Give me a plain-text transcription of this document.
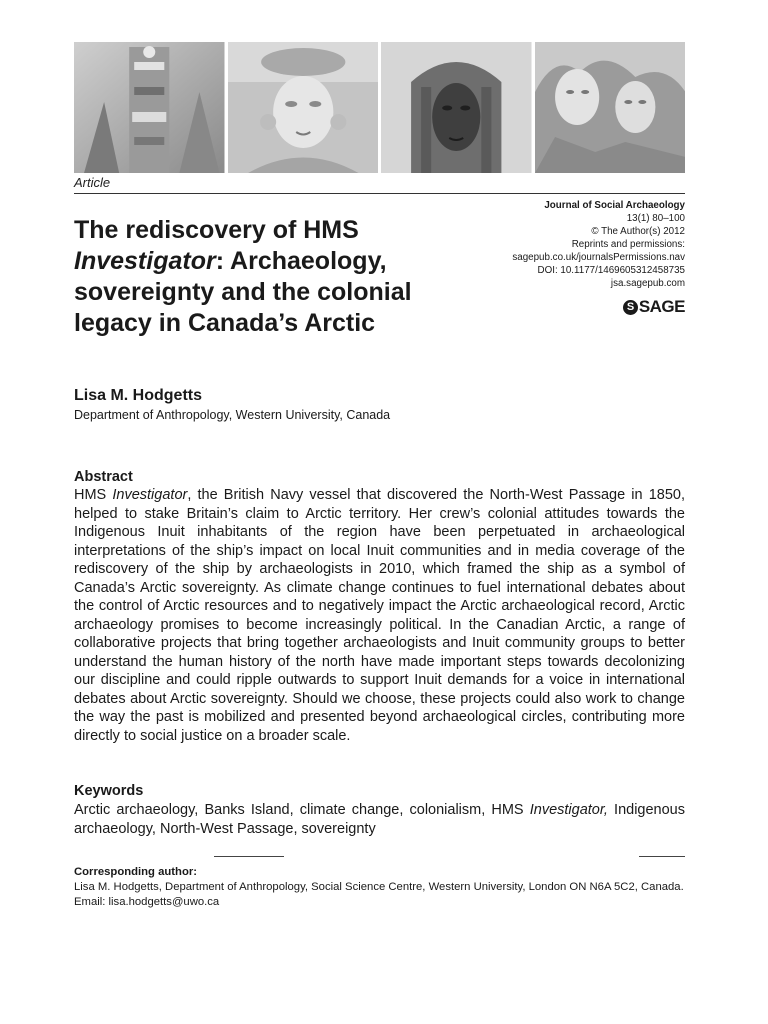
Article
The rediscovery of HMS Investigator: Archaeology, sovereignty and the colonial legacy in Canada’s Arctic
Journal of Social Archaeology
13(1) 80–100
© The Author(s) 2012
Reprints and permissions:
sagepub.co.uk/journalsPermissions.nav
DOI: 10.1177/1469605312458735
jsa.sagepub.com
S SAGE
Lisa M. Hodgetts
Department of Anthropology, Western University, Canada
Abstract

HMS Investigator, the British Navy vessel that discovered the North-West Passage in 1850, helped to stake Britain’s claim to Arctic territory. Her crew’s colonial attitudes towards the Indigenous Inuit inhabitants of the region have been perpetuated in archaeological interpretations of the ship’s impact on local Inuit communities and in media coverage of the rediscovery of the ship by archaeologists in 2010, which framed the ship as a symbol of Canada’s Arctic sovereignty. As climate change continues to fuel international debates about the control of Arctic resources and to negatively impact the Arctic archaeological record, Arctic archaeology promises to become increasingly political. In the Canadian Arctic, a range of collaborative projects that bring together archaeologists and Inuit community groups to better understand the human history of the north have made important steps towards decolonizing our discipline and could ripple outwards to support Inuit demands for a voice in international debates about Arctic sovereignty. Should we choose, these projects could also work to change the way the past is mobilized and presented beyond archaeological circles, contributing more directly to social justice on a broader scale.

Keywords

Arctic archaeology, Banks Island, climate change, colonialism, HMS Investigator, Indigenous archaeology, North-West Passage, sovereignty

Corresponding author:
Lisa M. Hodgetts, Department of Anthropology, Social Science Centre, Western University, London ON N6A 5C2, Canada.
Email: lisa.hodgetts@uwo.ca
